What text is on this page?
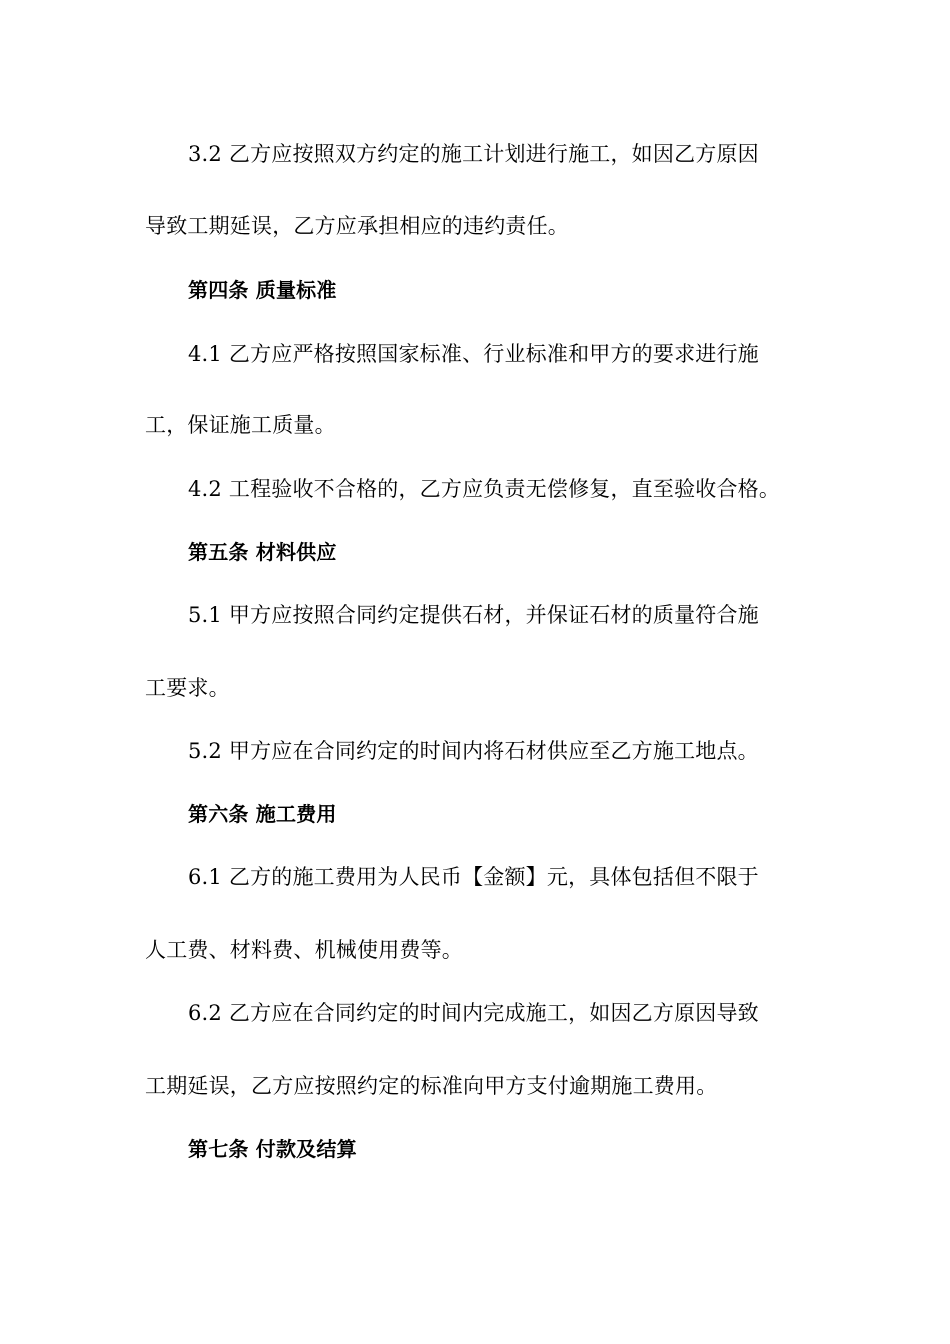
3.2 乙方应按照双方约定的施工计划进行施工，如因乙方原因
导致工期延误，乙方应承担相应的违约责任。
第四条 质量标准
4.1 乙方应严格按照国家标准、行业标准和甲方的要求进行施
工，保证施工质量。
4.2 工程验收不合格的，乙方应负责无偿修复，直至验收合格。
第五条 材料供应
5.1 甲方应按照合同约定提供石材，并保证石材的质量符合施
工要求。
5.2 甲方应在合同约定的时间内将石材供应至乙方施工地点。
第六条 施工费用
6.1 乙方的施工费用为人民币【金额】元，具体包括但不限于
人工费、材料费、机械使用费等。
6.2 乙方应在合同约定的时间内完成施工，如因乙方原因导致
工期延误，乙方应按照约定的标准向甲方支付逾期施工费用。
第七条 付款及结算
